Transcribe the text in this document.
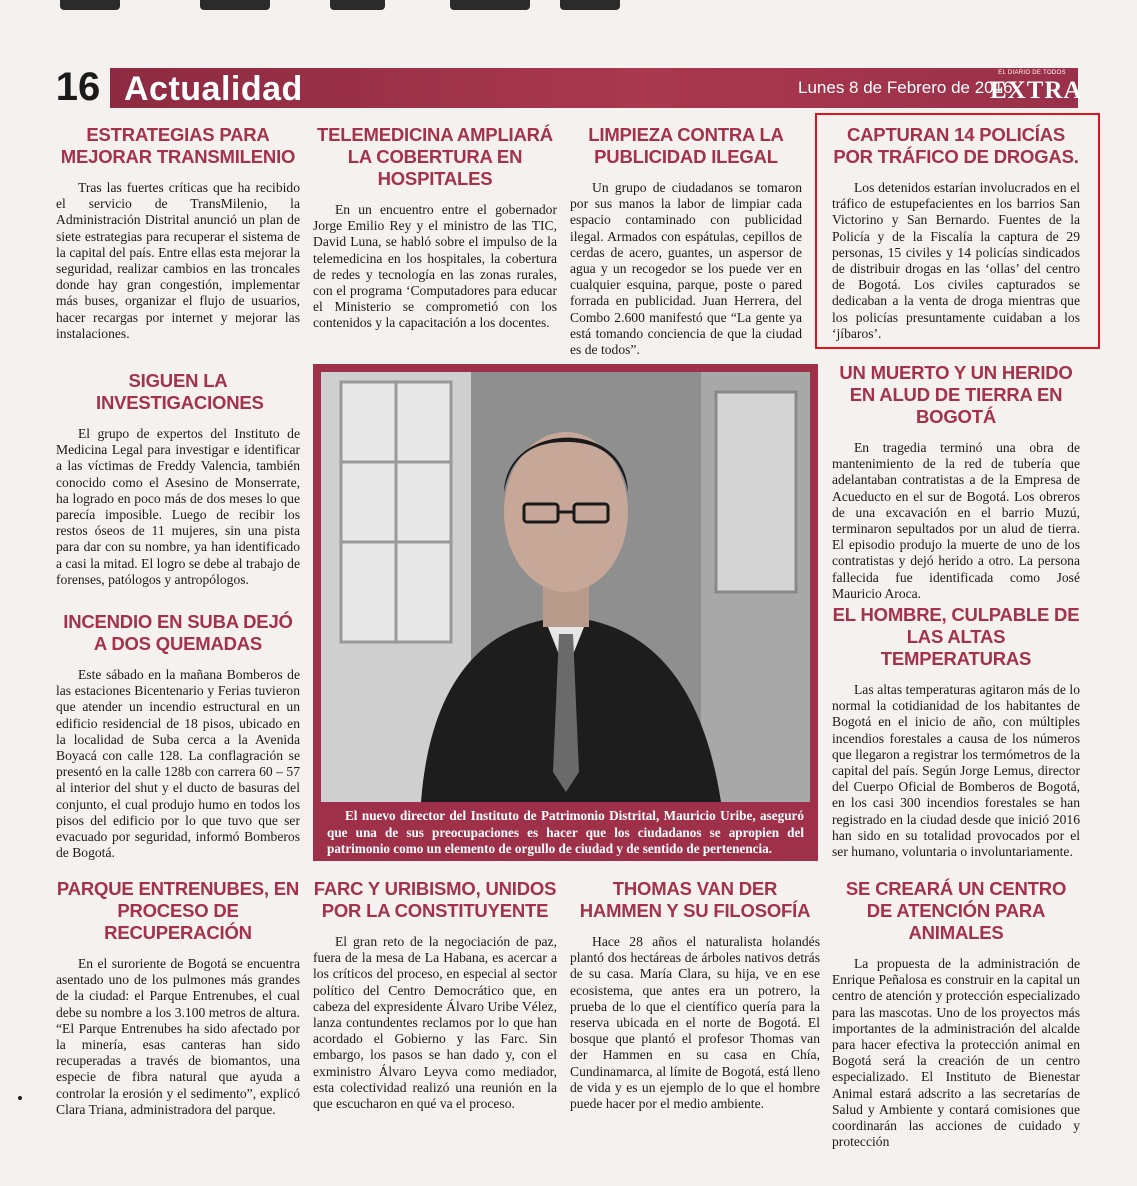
16 Actualidad	Lunes 8 de Febrero de 2016
EL DIARIO DE TODOS
EXTRA
ESTRATEGIAS PARA MEJORAR TRANSMILENIO

Tras las fuertes críticas que ha recibido el servicio de TransMilenio, la Administración Distrital anunció un plan de siete estrategias para recuperar el sistema de la capital del país. Entre ellas esta mejorar la seguridad, realizar cambios en las troncales donde hay gran congestión, implementar más buses, organizar el flujo de usuarios, hacer recargas por internet y mejorar las instalaciones.

TELEMEDICINA AMPLIARÁ LA COBERTURA EN HOSPITALES

En un encuentro entre el gobernador Jorge Emilio Rey y el ministro de las TIC, David Luna, se habló sobre el impulso de la telemedicina en los hospitales, la cobertura de redes y tecnología en las zonas rurales, con el programa ‘Computadores para educar el Ministerio se comprometió con los contenidos y la capacitación a los docentes.

LIMPIEZA CONTRA LA PUBLICIDAD ILEGAL

Un grupo de ciudadanos se tomaron por sus manos la labor de limpiar cada espacio contaminado con publicidad ilegal. Armados con espátulas, cepillos de cerdas de acero, guantes, un aspersor de agua y un recogedor se los puede ver en cualquier esquina, parque, poste o pared forrada en publicidad. Juan Herrera, del Combo 2.600 manifestó que “La gente ya está tomando conciencia de que la ciudad es de todos”.

CAPTURAN 14 POLICÍAS POR TRÁFICO DE DROGAS.

Los detenidos estarían involucrados en el tráfico de estupefacientes en los barrios San Victorino y San Bernardo. Fuentes de la Policía y de la Fiscalía la captura de 29 personas, 15 civiles y 14 policías sindicados de distribuir drogas en las ‘ollas’ del centro de Bogotá. Los civiles capturados se dedicaban a la venta de droga mientras que los policías presuntamente cuidaban a los ‘jíbaros’.

SIGUEN LA INVESTIGACIONES

El grupo de expertos del Instituto de Medicina Legal para investigar e identificar a las víctimas de Freddy Valencia, también conocido como el Asesino de Monserrate, ha logrado en poco más de dos meses lo que parecía imposible. Luego de recibir los restos óseos de 11 mujeres, sin una pista para dar con su nombre, ya han identificado a casi la mitad. El logro se debe al trabajo de forenses, patólogos y antropólogos.

INCENDIO EN SUBA DEJÓ A DOS QUEMADAS

Este sábado en la mañana Bomberos de las estaciones Bicentenario y Ferias tuvieron que atender un incendio estructural en un edificio residencial de 18 pisos, ubicado en la localidad de Suba cerca a la Avenida Boyacá con calle 128. La conflagración se presentó en la calle 128b con carrera 60 – 57 al interior del shut y el ducto de basuras del conjunto, el cual produjo humo en todos los pisos del edificio por lo que tuvo que ser evacuado por seguridad, informó Bomberos de Bogotá.

El nuevo director del Instituto de Patrimonio Distrital, Mauricio Uribe, aseguró que una de sus preocupaciones es hacer que los ciudadanos se apropien del patrimonio como un elemento de orgullo de ciudad y de sentido de pertenencia.
UN MUERTO Y UN HERIDO EN ALUD DE TIERRA EN BOGOTÁ

En tragedia terminó una obra de mantenimiento de la red de tubería que adelantaban contratistas a de la Empresa de Acueducto en el sur de Bogotá. Los obreros de una excavación en el barrio Muzú, terminaron sepultados por un alud de tierra. El episodio produjo la muerte de uno de los contratistas y dejó herido a otro. La persona fallecida fue identificada como José Mauricio Aroca.

EL HOMBRE, CULPABLE DE LAS ALTAS TEMPERATURAS

Las altas temperaturas agitaron más de lo normal la cotidianidad de los habitantes de Bogotá en el inicio de año, con múltiples incendios forestales a causa de los números que llegaron a registrar los termómetros de la capital del país. Según Jorge Lemus, director del Cuerpo Oficial de Bomberos de Bogotá, en los casi 300 incendios forestales se han registrado en la ciudad desde que inició 2016 han sido en su totalidad provocados por el ser humano, voluntaria o involuntariamente.

PARQUE ENTRENUBES, EN PROCESO DE RECUPERACIÓN

En el suroriente de Bogotá se encuentra asentado uno de los pulmones más grandes de la ciudad: el Parque Entrenubes, el cual debe su nombre a los 3.100 metros de altura. “El Parque Entrenubes ha sido afectado por la minería, esas canteras han sido recuperadas a través de biomantos, una especie de fibra natural que ayuda a controlar la erosión y el sedimento”, explicó Clara Triana, administradora del parque.

FARC Y URIBISMO, UNIDOS POR LA CONSTITUYENTE

El gran reto de la negociación de paz, fuera de la mesa de La Habana, es acercar a los críticos del proceso, en especial al sector político del Centro Democrático que, en cabeza del expresidente Álvaro Uribe Vélez, lanza contundentes reclamos por lo que han acordado el Gobierno y las Farc. Sin embargo, los pasos se han dado y, con el exministro Álvaro Leyva como mediador, esta colectividad realizó una reunión en la que escucharon en qué va el proceso.

THOMAS VAN DER HAMMEN Y SU FILOSOFÍA

Hace 28 años el naturalista holandés plantó dos hectáreas de árboles nativos detrás de su casa. María Clara, su hija, ve en ese ecosistema, que antes era un potrero, la prueba de lo que el científico quería para la reserva ubicada en el norte de Bogotá. El bosque que plantó el profesor Thomas van der Hammen en su casa en Chía, Cundinamarca, al límite de Bogotá, está lleno de vida y es un ejemplo de lo que el hombre puede hacer por el medio ambiente.

SE CREARÁ UN CENTRO DE ATENCIÓN PARA ANIMALES

La propuesta de la administración de Enrique Peñalosa es construir en la capital un centro de atención y protección especializado para las mascotas. Uno de los proyectos más importantes de la administración del alcalde para hacer efectiva la protección animal en Bogotá será la creación de un centro especializado. El Instituto de Bienestar Animal estará adscrito a las secretarías de Salud y Ambiente y contará comisiones que coordinarán las acciones de cuidado y protección
